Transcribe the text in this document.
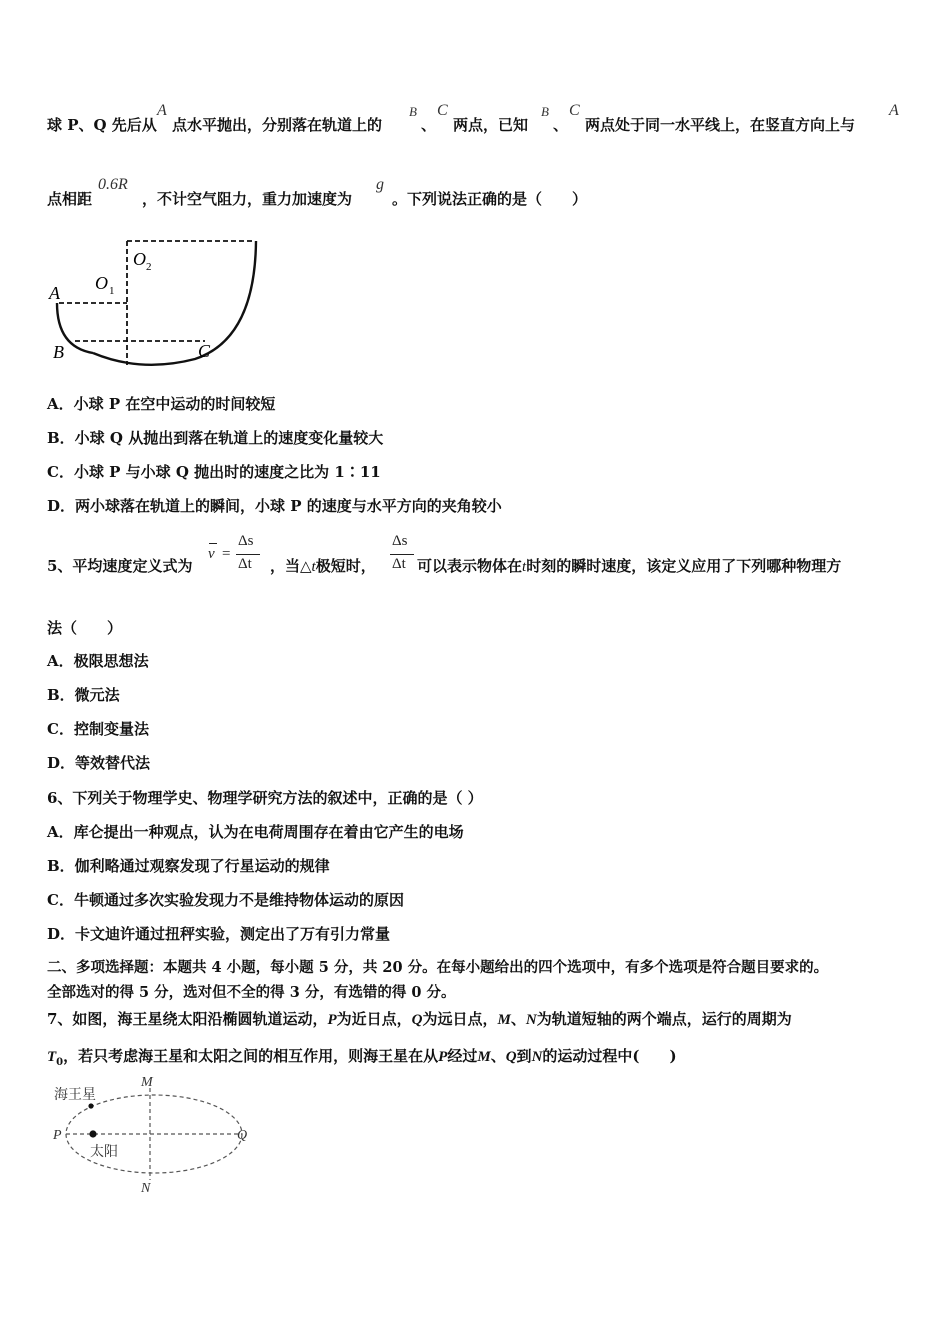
球 P、Q 先后从
A
点水平抛出，分别落在轨道上的
B
、
C
两点，已知
B
、
C
两点处于同一水平线上，在竖直方向上与
A
点相距
0.6R
，不计空气阻力，重力加速度为
g
。下列说法正确的是（　　）
A
B	C
O 1
O 2
A．小球 P 在空中运动的时间较短
B．小球 Q 从抛出到落在轨道上的速度变化量较大
C．小球 P 与小球 Q 抛出时的速度之比为 1∶11
D．两小球落在轨道上的瞬间，小球 P 的速度与水平方向的夹角较小
5、平均速度定义式为
v =
Δs
Δt ，当△t极短时，
Δs
Δt 可以表示物体在t时刻的瞬时速度，该定义应用了下列哪种物理方
法（　　）
A．极限思想法
B．微元法
C．控制变量法
D．等效替代法
6、下列关于物理学史、物理学研究方法的叙述中，正确的是（ ）
A．库仑提出一种观点，认为在电荷周围存在着由它产生的电场
B．伽利略通过观察发现了行星运动的规律
C．牛顿通过多次实验发现力不是维持物体运动的原因
D．卡文迪许通过扭秤实验，测定出了万有引力常量
二、多项选择题：本题共 4 小题，每小题 5 分，共 20 分。在每小题给出的四个选项中，有多个选项是符合题目要求的。
全部选对的得 5 分，选对但不全的得 3 分，有选错的得 0 分。
7、如图，海王星绕太阳沿椭圆轨道运动，P为近日点，Q为远日点，M、N为轨道短轴的两个端点，运行的周期为
$T_0$，若只考虑海王星和太阳之间的相互作用，则海王星在从P经过M、Q到N的运动过程中(　　)
海王星
太阳
M
N
P	Q
